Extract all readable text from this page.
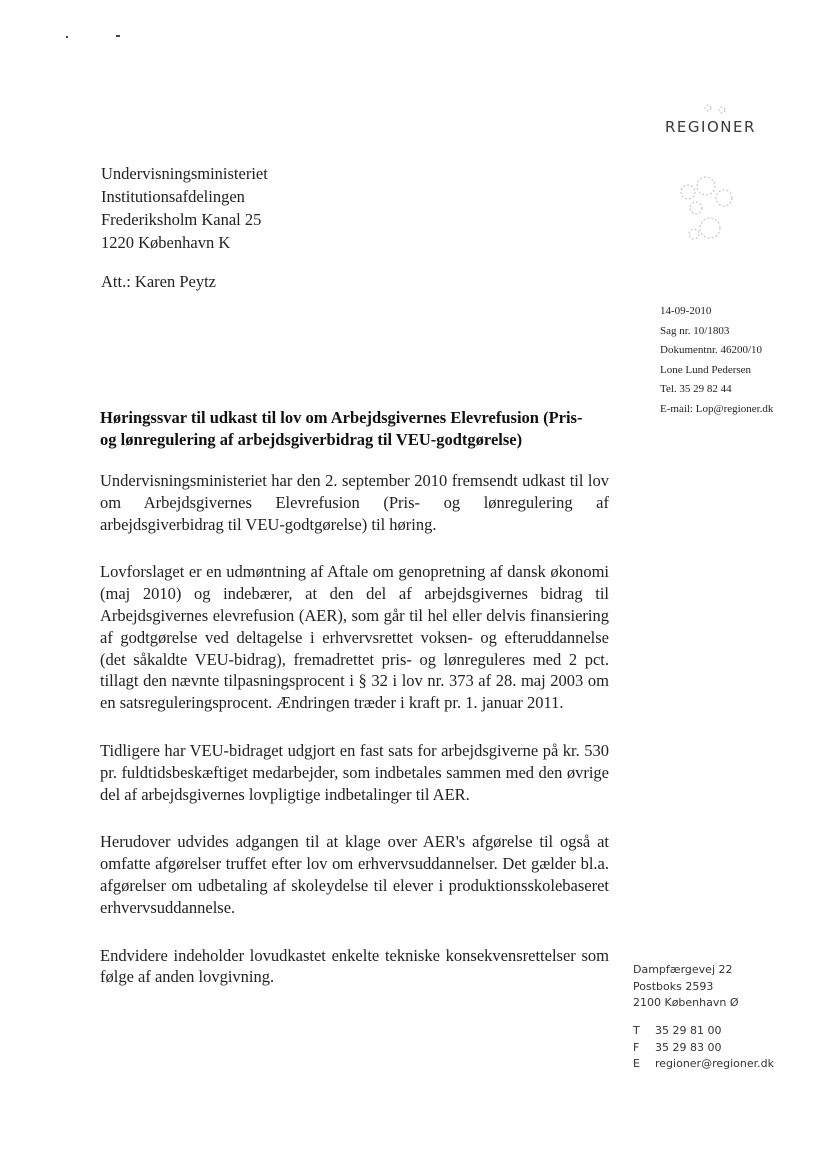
REGIONER
Undervisningsministeriet
Institutionsafdelingen
Frederiksholm Kanal 25
1220 København K
Att.: Karen Peytz
14-09-2010
Sag nr. 10/1803
Dokumentnr. 46200/10
Lone Lund Pedersen
Tel. 35 29 82 44
E-mail: Lop@regioner.dk
Høringssvar til udkast til lov om Arbejdsgivernes Elevrefusion (Pris- og lønregulering af arbejdsgiverbidrag til VEU-godtgørelse)

Undervisningsministeriet har den 2. september 2010 fremsendt udkast til lov om Arbejdsgivernes Elevrefusion (Pris- og lønregulering af arbejdsgiverbidrag til VEU-godtgørelse) til høring.

Lovforslaget er en udmøntning af Aftale om genopretning af dansk økonomi (maj 2010) og indebærer, at den del af arbejdsgivernes bidrag til Arbejdsgivernes elevrefusion (AER), som går til hel eller delvis finansiering af godtgørelse ved deltagelse i erhvervsrettet voksen- og efteruddannelse (det såkaldte VEU-bidrag), fremadrettet pris- og lønreguleres med 2 pct. tillagt den nævnte tilpasningsprocent i § 32 i lov nr. 373 af 28. maj 2003 om en satsreguleringsprocent. Ændringen træder i kraft pr. 1. januar 2011.

Tidligere har VEU-bidraget udgjort en fast sats for arbejdsgiverne på kr. 530 pr. fuldtidsbeskæftiget medarbejder, som indbetales sammen med den øvrige del af arbejdsgivernes lovpligtige indbetalinger til AER.

Herudover udvides adgangen til at klage over AER's afgørelse til også at omfatte afgørelser truffet efter lov om erhvervsuddannelser. Det gælder bl.a. afgørelser om udbetaling af skoleydelse til elever i produktionsskolebaseret erhvervsuddannelse.

Endvidere indeholder lovudkastet enkelte tekniske konsekvensrettelser som følge af anden lovgivning.	Dampfærgevej 22
Postboks 2593
2100 København Ø
T	35 29 81 00
F	35 29 83 00
E	regioner@regioner.dk
